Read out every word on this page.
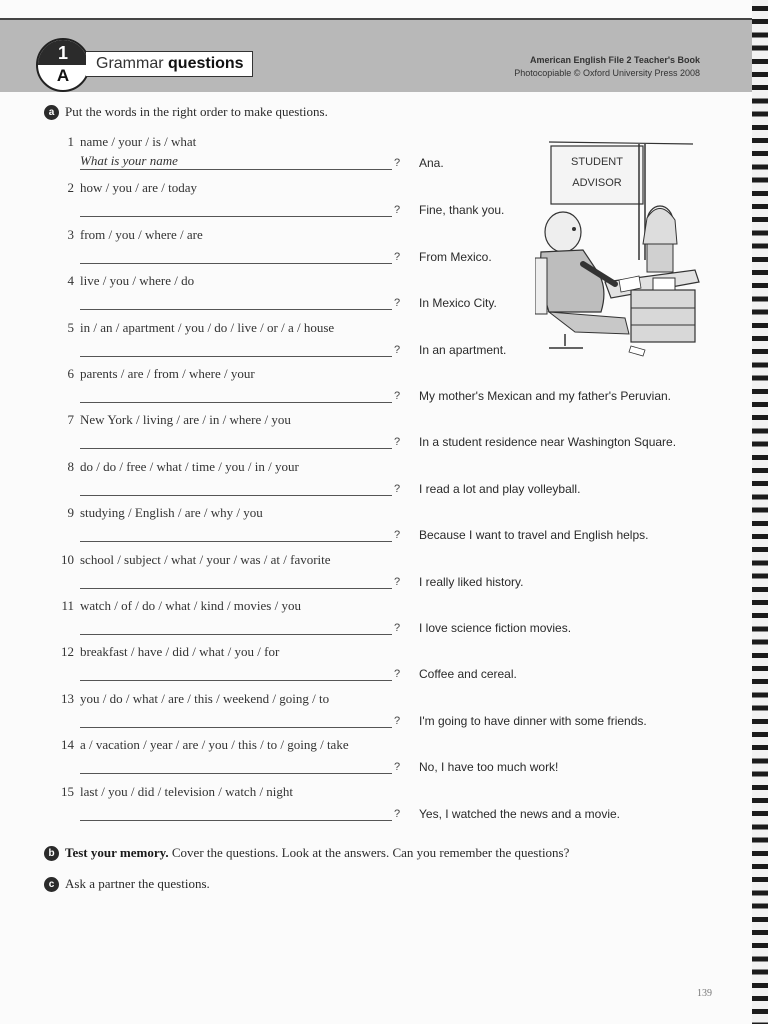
1
A
Grammar questions	American English File 2 Teacher's Book
Photocopiable © Oxford University Press 2008
a Put the words in the right order to make questions.
1 name / your / is / what
What is your name	? Ana.
2 how / you / are / today
? Fine, thank you.
3 from / you / where / are
? From Mexico.
4 live / you / where / do
? In Mexico City.
5 in / an / apartment / you / do / live / or / a / house
? In an apartment.
6 parents / are / from / where / your
? My mother's Mexican and my father's Peruvian.
7 New York / living / are / in / where / you
? In a student residence near Washington Square.
8 do / do / free / what / time / you / in / your
? I read a lot and play volleyball.
9 studying / English / are / why / you
? Because I want to travel and English helps.
10 school / subject / what / your / was / at / favorite
? I really liked history.
11 watch / of / do / what / kind / movies / you
? I love science fiction movies.
12 breakfast / have / did / what / you / for
? Coffee and cereal.
13 you / do / what / are / this / weekend / going / to
? I'm going to have dinner with some friends.
14 a / vacation / year / are / you / this / to / going / take
? No, I have too much work!
15 last / you / did / television / watch / night
? Yes, I watched the news and a movie.
STUDENT
ADVISOR
b Test your memory. Cover the questions. Look at the answers. Can you remember the questions?
c Ask a partner the questions.
139
